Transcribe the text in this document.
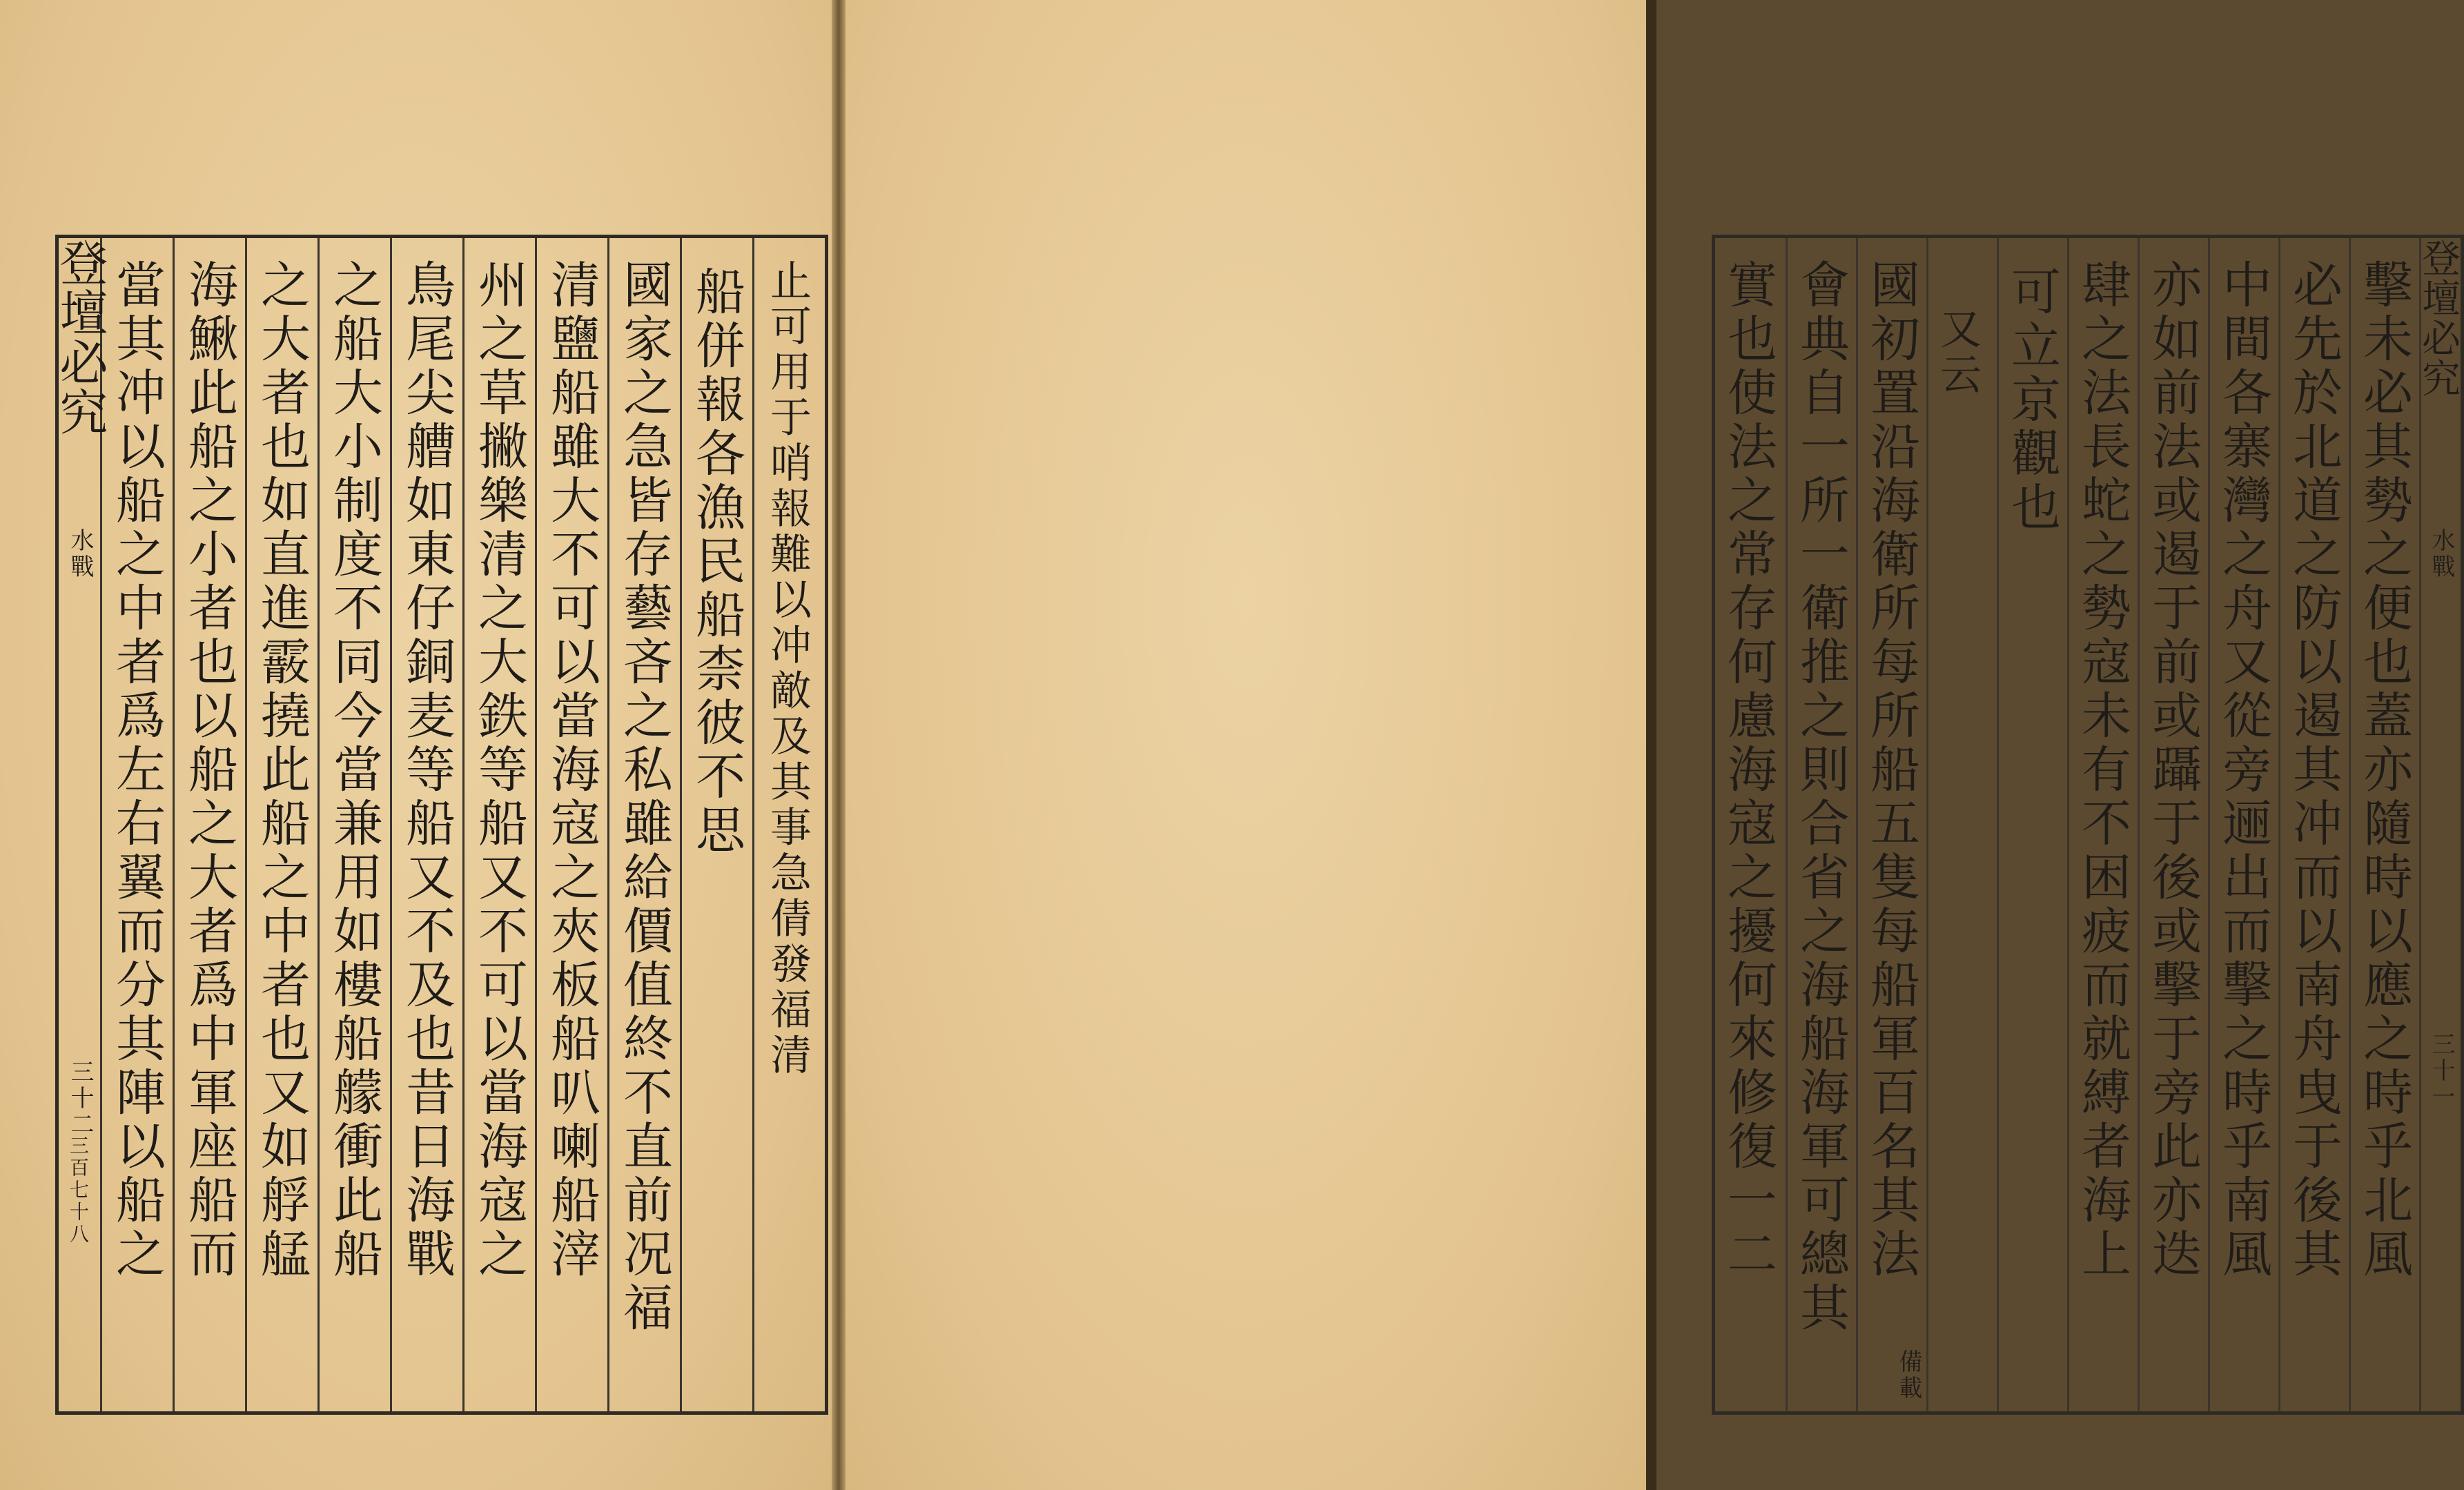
止可用于哨報難以冲敵及其事急倩發福清
船併報各漁民船柰彼不思
國家之急皆存藝吝之私雖給價值終不直前况福
清鹽船雖大不可以當海寇之夾板船叭喇船滓
州之草撇樂清之大鉄等船又不可以當海寇之
鳥尾尖艚如東仔銅麦等船又不及也昔日海戰
之船大小制度不同今當兼用如樓船艨衝此船
之大者也如直進霰撓此船之中者也又如艀艋
海鰍此船之小者也以船之大者爲中軍座船而
當其冲以船之中者爲左右翼而分其陣以船之
登壇必究
水戰
三十二
三百七十八
登壇必究
水戰
三十一
擊未必其勢之便也蓋亦隨時以應之時乎北風
必先於北道之防以遏其冲而以南舟曳于後其
中間各寨灣之舟又從旁逦出而擊之時乎南風
亦如前法或遏于前或躡于後或擊于旁此亦迭
肆之法長蛇之勢寇未有不困疲而就縛者海上
可立京觀也
又云
國初置沿海衛所每所船五隻每船軍百名其法
備載
會典自一所一衛推之則合省之海船海軍可總其
實也使法之常存何慮海寇之擾何來修復一二
